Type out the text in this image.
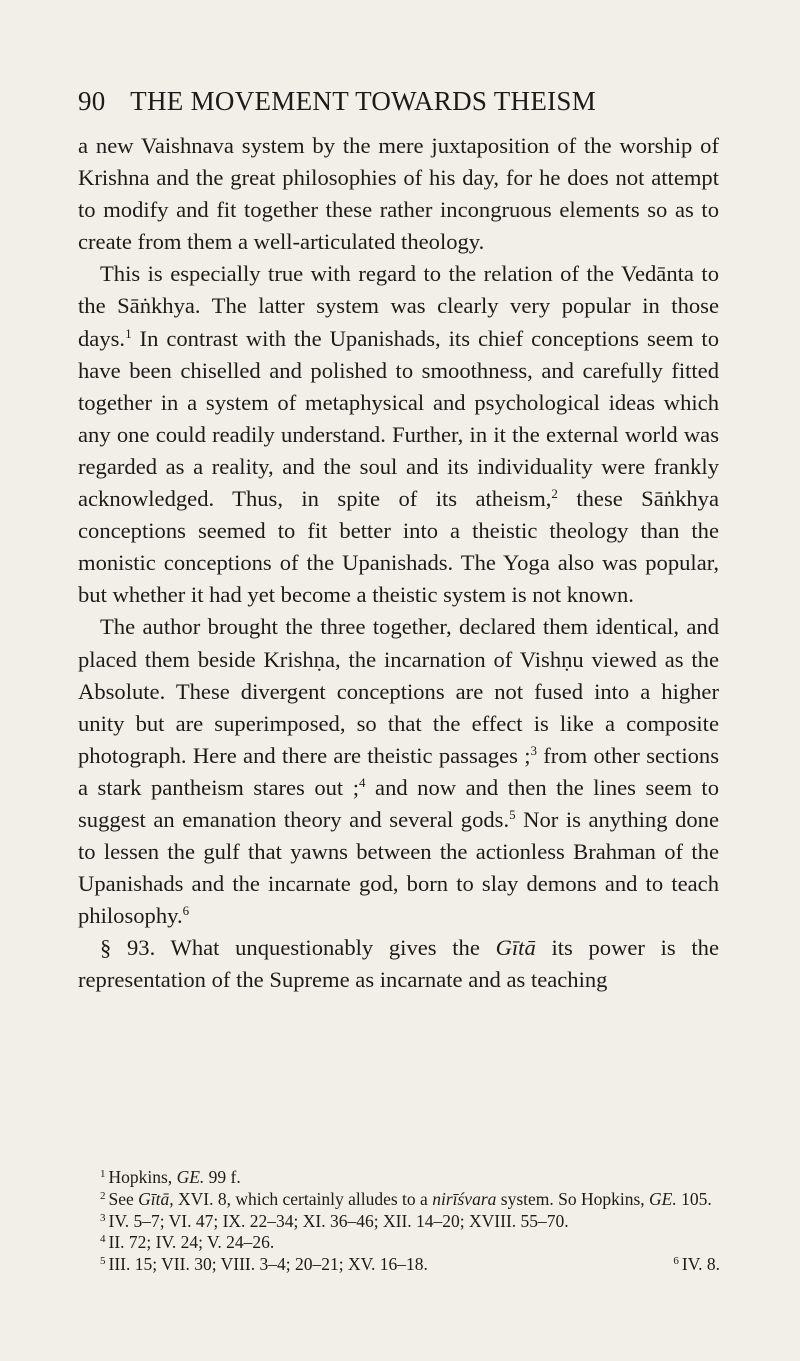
90 THE MOVEMENT TOWARDS THEISM

a new Vaishnava system by the mere juxtaposition of the worship of Krishna and the great philosophies of his day, for he does not attempt to modify and fit together these rather incongruous elements so as to create from them a well-articulated theology.

This is especially true with regard to the relation of the Vedānta to the Sāṅkhya. The latter system was clearly very popular in those days.$^1$ In contrast with the Upanishads, its chief conceptions seem to have been chiselled and polished to smoothness, and carefully fitted together in a system of metaphysical and psychological ideas which any one could readily understand. Further, in it the external world was regarded as a reality, and the soul and its individuality were frankly acknowledged. Thus, in spite of its atheism,$^2$ these Sāṅkhya conceptions seemed to fit better into a theistic theology than the monistic conceptions of the Upanishads. The Yoga also was popular, but whether it had yet become a theistic system is not known.

The author brought the three together, declared them identical, and placed them beside Krishṇa, the incarnation of Vishṇu viewed as the Absolute. These divergent conceptions are not fused into a higher unity but are superimposed, so that the effect is like a composite photograph. Here and there are theistic passages ;$^3$ from other sections a stark pantheism stares out ;$^4$ and now and then the lines seem to suggest an emanation theory and several gods.$^5$ Nor is anything done to lessen the gulf that yawns between the actionless Brahman of the Upanishads and the incarnate god, born to slay demons and to teach philosophy.$^6$

§ 93. What unquestionably gives the Gītā its power is the representation of the Supreme as incarnate and as teaching

$^1$ Hopkins, GE. 99 f.

$^2$ See Gītā, XVI. 8, which certainly alludes to a nirīśvara system. So Hopkins, GE. 105.

$^3$ IV. 5–7; VI. 47; IX. 22–34; XI. 36–46; XII. 14–20; XVIII. 55–70.

$^4$ II. 72; IV. 24; V. 24–26.

$^5$ III. 15; VII. 30; VIII. 3–4; 20–21; XV. 16–18.	$^6$ IV. 8.
